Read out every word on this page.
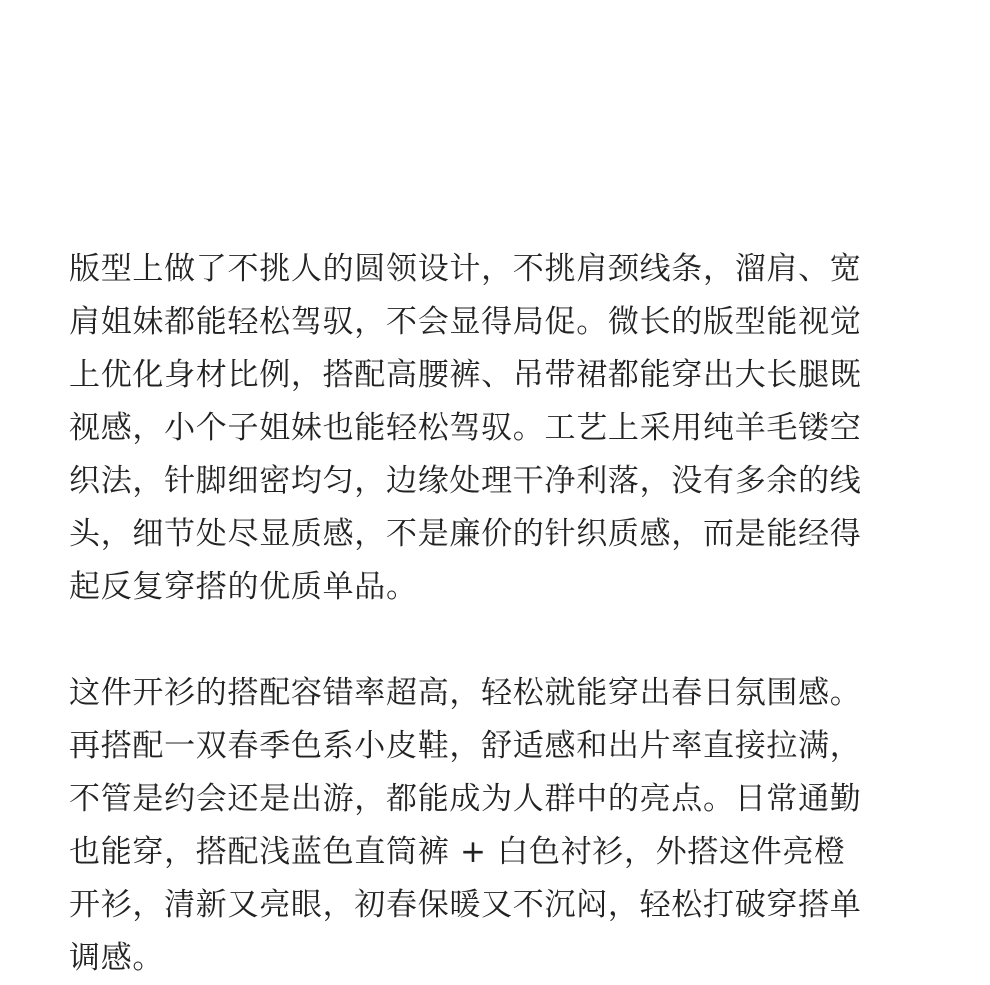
版型上做了不挑人的圆领设计，不挑肩颈线条，溜肩、宽
肩姐妹都能轻松驾驭，不会显得局促。微长的版型能视觉
上优化身材比例，搭配高腰裤、吊带裙都能穿出大长腿既
视感，小个子姐妹也能轻松驾驭。工艺上采用纯羊毛镂空
织法，针脚细密均匀，边缘处理干净利落，没有多余的线
头，细节处尽显质感，不是廉价的针织质感，而是能经得
起反复穿搭的优质单品。

这件开衫的搭配容错率超高，轻松就能穿出春日氛围感。
再搭配一双春季色系小皮鞋，舒适感和出片率直接拉满，
不管是约会还是出游，都能成为人群中的亮点。日常通勤
也能穿，搭配浅蓝色直筒裤 + 白色衬衫，外搭这件亮橙
开衫，清新又亮眼，初春保暖又不沉闷，轻松打破穿搭单
调感。
